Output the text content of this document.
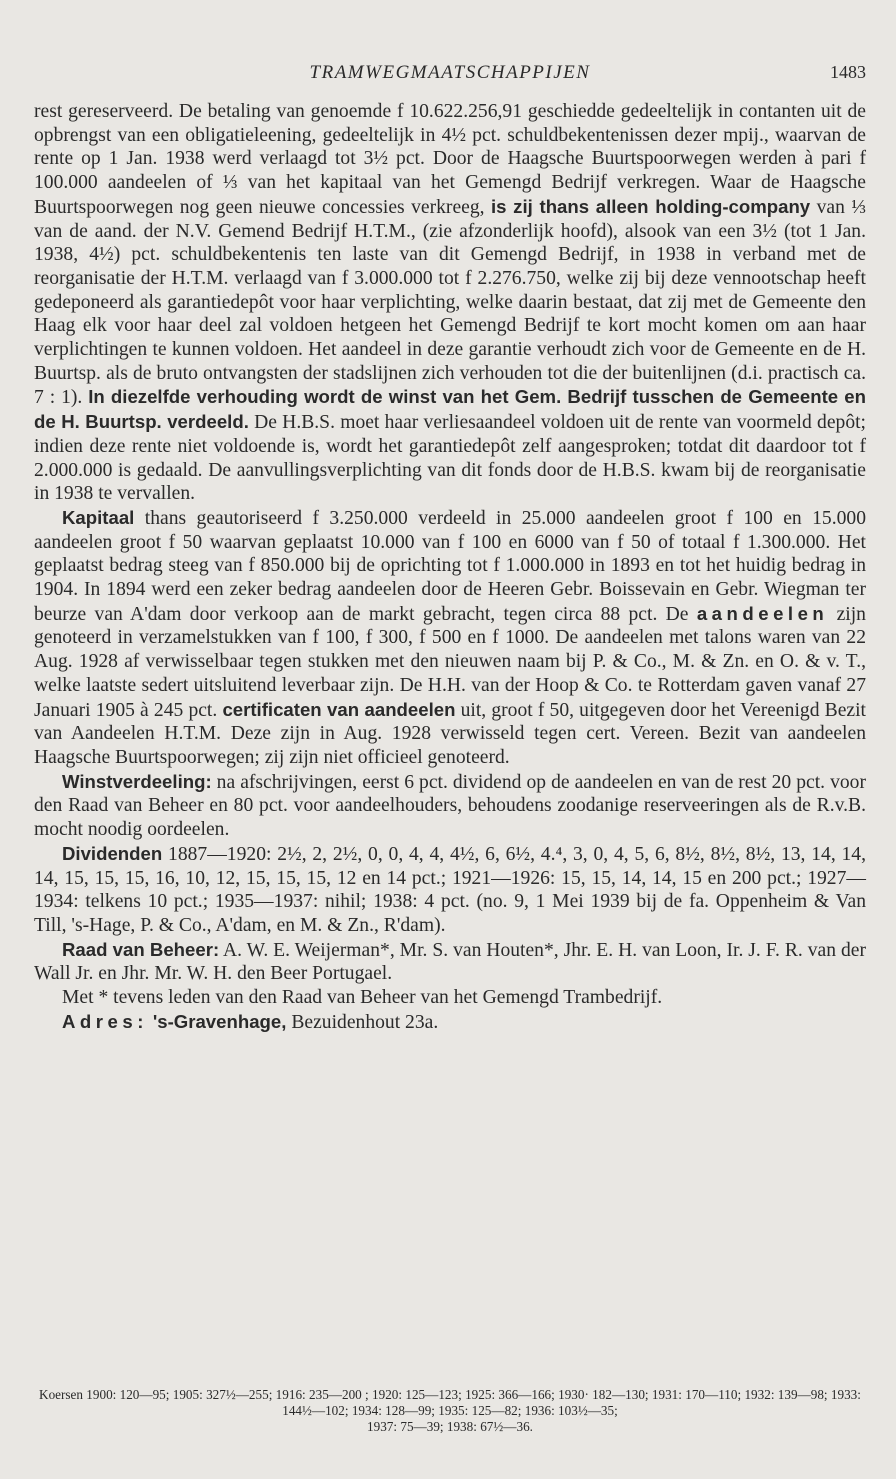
TRAMWEGMAATSCHAPPIJEN	1483

rest gereserveerd. De betaling van genoemde f 10.622.256,91 geschiedde gedeeltelijk in contanten uit de opbrengst van een obligatieleening, gedeeltelijk in 4½ pct. schuldbekentenissen dezer mpij., waarvan de rente op 1 Jan. 1938 werd verlaagd tot 3½ pct. Door de Haagsche Buurtspoorwegen werden à pari f 100.000 aandeelen of ⅓ van het kapitaal van het Gemengd Bedrijf verkregen. Waar de Haagsche Buurtspoorwegen nog geen nieuwe concessies verkreeg, is zij thans alleen holding-company van ⅓ van de aand. der N.V. Gemend Bedrijf H.T.M., (zie afzonderlijk hoofd), alsook van een 3½ (tot 1 Jan. 1938, 4½) pct. schuldbekentenis ten laste van dit Gemengd Bedrijf, in 1938 in verband met de reorganisatie der H.T.M. verlaagd van f 3.000.000 tot f 2.276.750, welke zij bij deze vennootschap heeft gedeponeerd als garantiedepôt voor haar verplichting, welke daarin bestaat, dat zij met de Gemeente den Haag elk voor haar deel zal voldoen hetgeen het Gemengd Bedrijf te kort mocht komen om aan haar verplichtingen te kunnen voldoen. Het aandeel in deze garantie verhoudt zich voor de Gemeente en de H. Buurtsp. als de bruto ontvangsten der stadslijnen zich verhouden tot die der buitenlijnen (d.i. practisch ca. 7 : 1). In diezelfde verhouding wordt de winst van het Gem. Bedrijf tusschen de Gemeente en de H. Buurtsp. verdeeld. De H.B.S. moet haar verliesaandeel voldoen uit de rente van voormeld depôt; indien deze rente niet voldoende is, wordt het garantiedepôt zelf aangesproken; totdat dit daardoor tot f 2.000.000 is gedaald. De aanvullingsverplichting van dit fonds door de H.B.S. kwam bij de reorganisatie in 1938 te vervallen.

Kapitaal thans geautoriseerd f 3.250.000 verdeeld in 25.000 aandeelen groot f 100 en 15.000 aandeelen groot f 50 waarvan geplaatst 10.000 van f 100 en 6000 van f 50 of totaal f 1.300.000. Het geplaatst bedrag steeg van f 850.000 bij de oprichting tot f 1.000.000 in 1893 en tot het huidig bedrag in 1904. In 1894 werd een zeker bedrag aandeelen door de Heeren Gebr. Boissevain en Gebr. Wiegman ter beurze van A'dam door verkoop aan de markt gebracht, tegen circa 88 pct. De aandeelen zijn genoteerd in verzamelstukken van f 100, f 300, f 500 en f 1000. De aandeelen met talons waren van 22 Aug. 1928 af verwisselbaar tegen stukken met den nieuwen naam bij P. & Co., M. & Zn. en O. & v. T., welke laatste sedert uitsluitend leverbaar zijn. De H.H. van der Hoop & Co. te Rotterdam gaven vanaf 27 Januari 1905 à 245 pct. certificaten van aandeelen uit, groot f 50, uitgegeven door het Vereenigd Bezit van Aandeelen H.T.M. Deze zijn in Aug. 1928 verwisseld tegen cert. Vereen. Bezit van aandeelen Haagsche Buurtspoorwegen; zij zijn niet officieel genoteerd.

Winstverdeeling: na afschrijvingen, eerst 6 pct. dividend op de aandeelen en van de rest 20 pct. voor den Raad van Beheer en 80 pct. voor aandeelhouders, behoudens zoodanige reserveeringen als de R.v.B. mocht noodig oordeelen.

Dividenden 1887—1920: 2½, 2, 2½, 0, 0, 4, 4, 4½, 6, 6½, 4.⁴, 3, 0, 4, 5, 6, 8½, 8½, 8½, 13, 14, 14, 14, 15, 15, 15, 16, 10, 12, 15, 15, 15, 12 en 14 pct.; 1921—1926: 15, 15, 14, 14, 15 en 200 pct.; 1927—1934: telkens 10 pct.; 1935—1937: nihil; 1938: 4 pct. (no. 9, 1 Mei 1939 bij de fa. Oppenheim & Van Till, 's-Hage, P. & Co., A'dam, en M. & Zn., R'dam).

Raad van Beheer: A. W. E. Weijerman*, Mr. S. van Houten*, Jhr. E. H. van Loon, Ir. J. F. R. van der Wall Jr. en Jhr. Mr. W. H. den Beer Portugael.

Met * tevens leden van den Raad van Beheer van het Gemengd Trambedrijf.

Adres: 's-Gravenhage, Bezuidenhout 23a.

Koersen 1900: 120—95; 1905: 327½—255; 1916: 235—200 ; 1920: 125—123; 1925: 366—166; 1930· 182—130; 1931: 170—110; 1932: 139—98; 1933: 144½—102; 1934: 128—99; 1935: 125—82; 1936: 103½—35;

1937: 75—39; 1938: 67½—36.
